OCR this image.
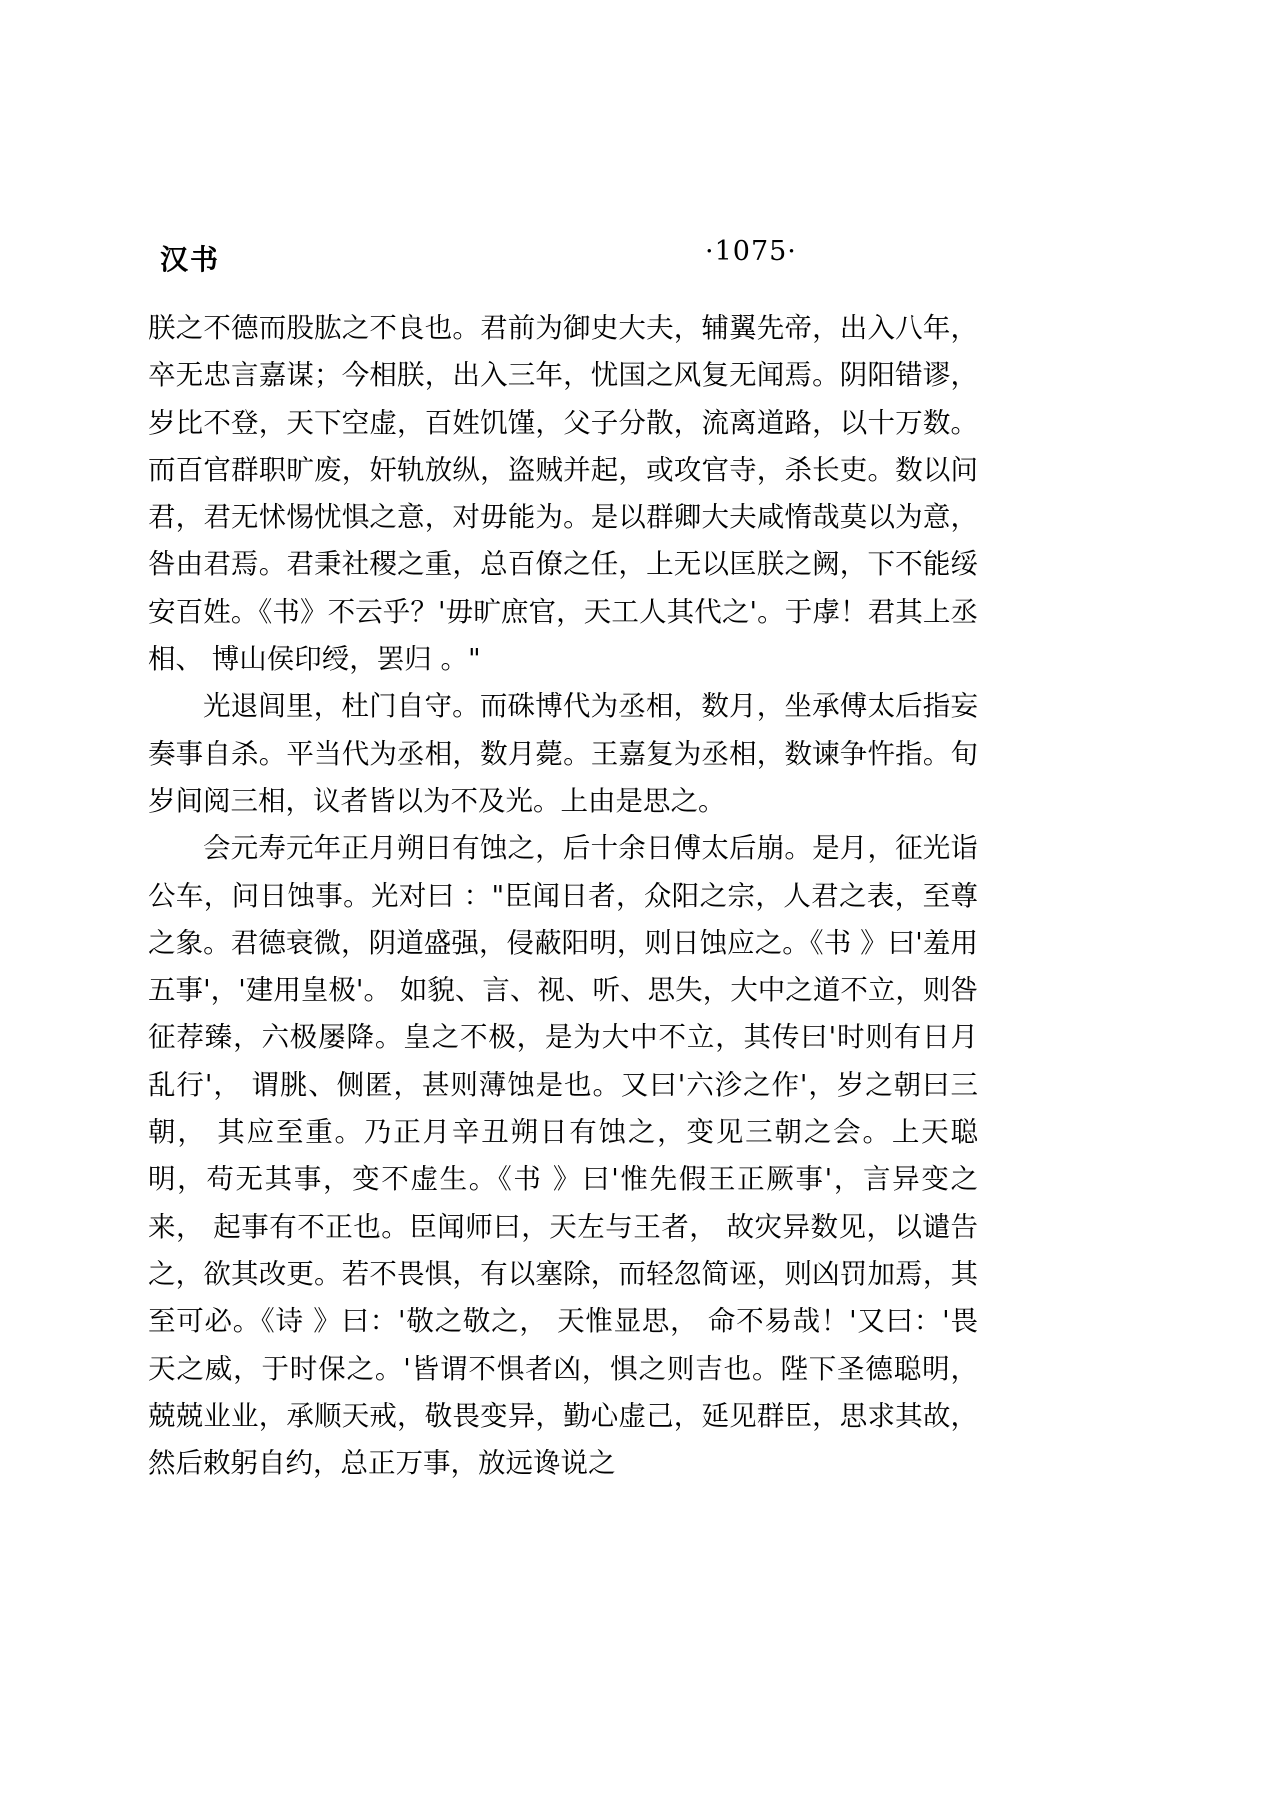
汉书	·1075·

朕之不德而股肱之不良也。君前为御史大夫，辅翼先帝，出入八年，卒无忠言嘉谋；今相朕，出入三年，忧国之风复无闻焉。阴阳错谬，岁比不登，天下空虚，百姓饥馑，父子分散，流离道路，以十万数。而百官群职旷废，奸轨放纵，盗贼并起，或攻官寺，杀长吏。数以问君，君无怵惕忧惧之意，对毋能为。是以群卿大夫咸惰哉莫以为意，咎由君焉。君秉社稷之重，总百僚之任，上无以匡朕之阙，下不能绥安百姓。《书》不云乎？'毋旷庶官，天工人其代之'。于虖！君其上丞相、 博山侯印绶，罢归 。"

光退闾里，杜门自守。而硃博代为丞相，数月，坐承傅太后指妄奏事自杀。平当代为丞相，数月薨。王嘉复为丞相，数谏争忤指。旬岁间阅三相，议者皆以为不及光。上由是思之。

会元寿元年正月朔日有蚀之，后十余日傅太后崩。是月，征光诣公车，问日蚀事。光对曰 ："臣闻日者，众阳之宗，人君之表，至尊之象。君德衰微，阴道盛强，侵蔽阳明，则日蚀应之。《书 》曰'羞用五事'，'建用皇极'。 如貌、言、视、听、思失，大中之道不立，则咎征荐臻，六极屡降。皇之不极，是为大中不立，其传曰'时则有日月乱行'， 谓朓、侧匿，甚则薄蚀是也。又曰'六沴之作'，岁之朝曰三朝， 其应至重。乃正月辛丑朔日有蚀之，变见三朝之会。上天聪明，苟无其事，变不虚生。《书 》曰'惟先假王正厥事'，言异变之来， 起事有不正也。臣闻师曰，天左与王者， 故灾异数见，以谴告之，欲其改更。若不畏惧，有以塞除，而轻忽简诬，则凶罚加焉，其至可必。《诗 》曰：'敬之敬之， 天惟显思， 命不易哉！'又曰：'畏天之威，于时保之。'皆谓不惧者凶，惧之则吉也。陛下圣德聪明，兢兢业业，承顺天戒，敬畏变异，勤心虚己，延见群臣，思求其故，然后敕躬自约，总正万事，放远谗说之
